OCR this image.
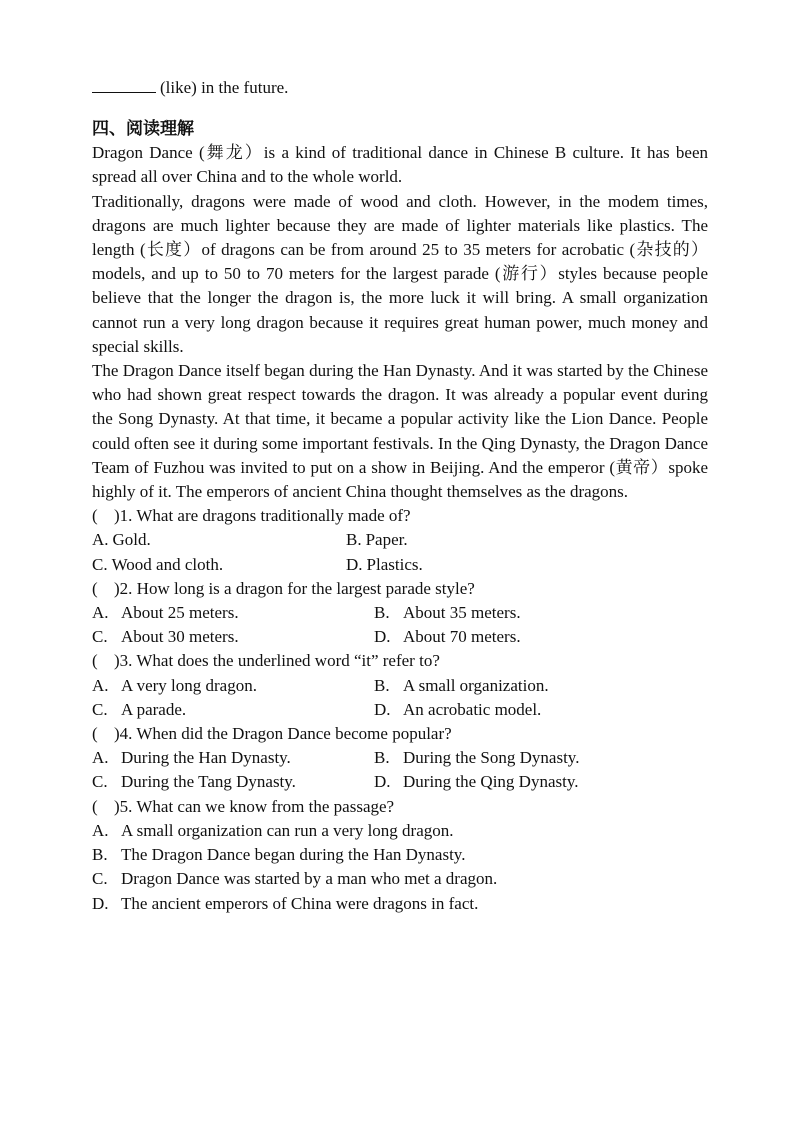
(like) in the future.

四、阅读理解

Dragon Dance (舞龙）is a kind of traditional dance in Chinese B culture. It has been spread all over China and to the whole world.

Traditionally, dragons were made of wood and cloth. However, in the modem times, dragons are much lighter because they are made of lighter materials like plastics. The length (长度）of dragons can be from around 25 to 35 meters for acrobatic (杂技的）models, and up to 50 to 70 meters for the largest parade (游行）styles because people believe that the longer the dragon is, the more luck it will bring. A small organization cannot run a very long dragon because it requires great human power, much money and special skills.

The Dragon Dance itself began during the Han Dynasty. And it was started by the Chinese who had shown great respect towards the dragon. It was already a popular event during the Song Dynasty. At that time, it became a popular activity like the Lion Dance. People could often see it during some important festivals. In the Qing Dynasty, the Dragon Dance Team of Fuzhou was invited to put on a show in Beijing. And the emperor (黄帝）spoke highly of it. The emperors of ancient China thought themselves as the dragons.

( )1. What are dragons traditionally made of?

A. Gold.	B. Paper.
C. Wood and cloth.	D. Plastics.

( )2. How long is a dragon for the largest parade style?

A. About 25 meters.	B. About 35 meters.
C. About 30 meters.	D. About 70 meters.

( )3. What does the underlined word “it” refer to?

A. A very long dragon.	B. A small organization.
C. A parade.	D. An acrobatic model.

( )4. When did the Dragon Dance become popular?

A. During the Han Dynasty.	B. During the Song Dynasty.
C. During the Tang Dynasty.	D. During the Qing Dynasty.

( )5. What can we know from the passage?

A. A small organization can run a very long dragon.

B. The Dragon Dance began during the Han Dynasty.

C. Dragon Dance was started by a man who met a dragon.

D. The ancient emperors of China were dragons in fact.
